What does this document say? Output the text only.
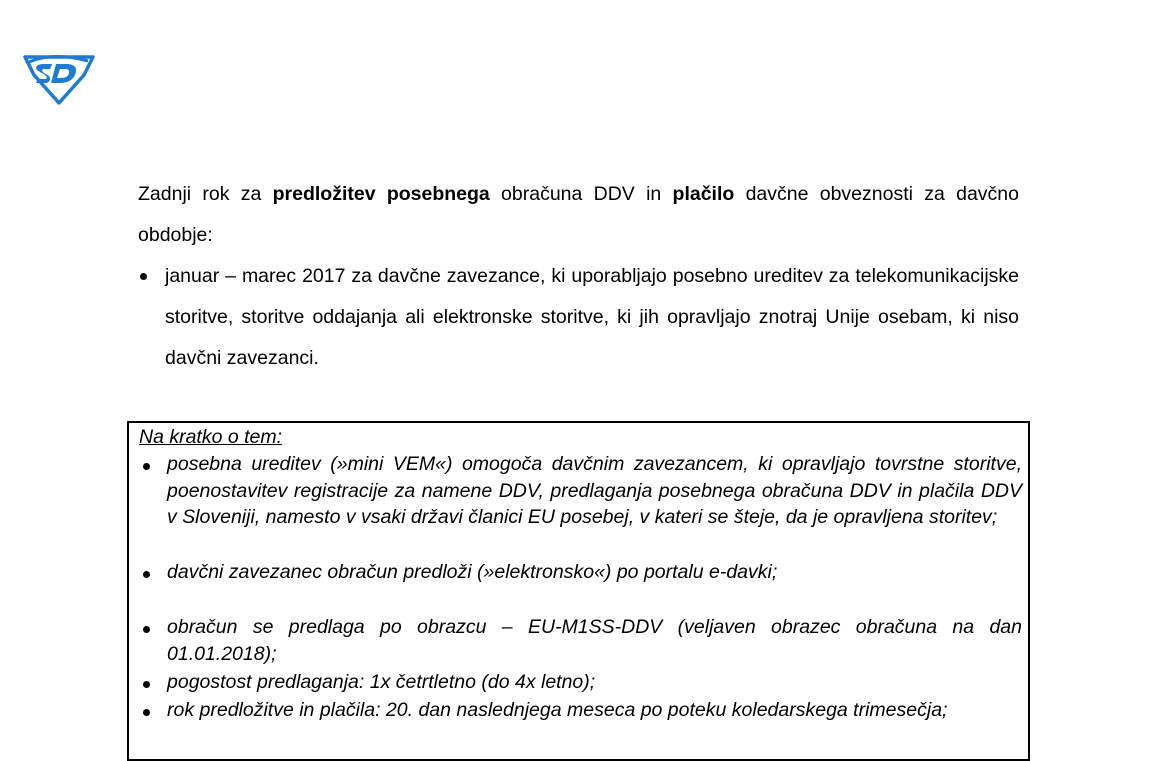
Zadnji rok za predložitev posebnega obračuna DDV in plačilo davčne obveznosti za davčno obdobje:

januar – marec 2017 za davčne zavezance, ki uporabljajo posebno ureditev za telekomunikacijske storitve, storitve oddajanja ali elektronske storitve, ki jih opravljajo znotraj Unije osebam, ki niso davčni zavezanci.
Na kratko o tem:
posebna ureditev (»mini VEM«) omogoča davčnim zavezancem, ki opravljajo tovrstne storitve, poenostavitev registracije za namene DDV, predlaganja posebnega obračuna DDV in plačila DDV v Sloveniji, namesto v vsaki državi članici EU posebej, v kateri se šteje, da je opravljena storitev;
davčni zavezanec obračun predloži (»elektronsko«) po portalu e-davki;
obračun se predlaga po obrazcu – EU-M1SS-DDV (veljaven obrazec obračuna na dan 01.01.2018);
pogostost predlaganja: 1x četrtletno (do 4x letno);
rok predložitve in plačila: 20. dan naslednjega meseca po poteku koledarskega trimesečja;
